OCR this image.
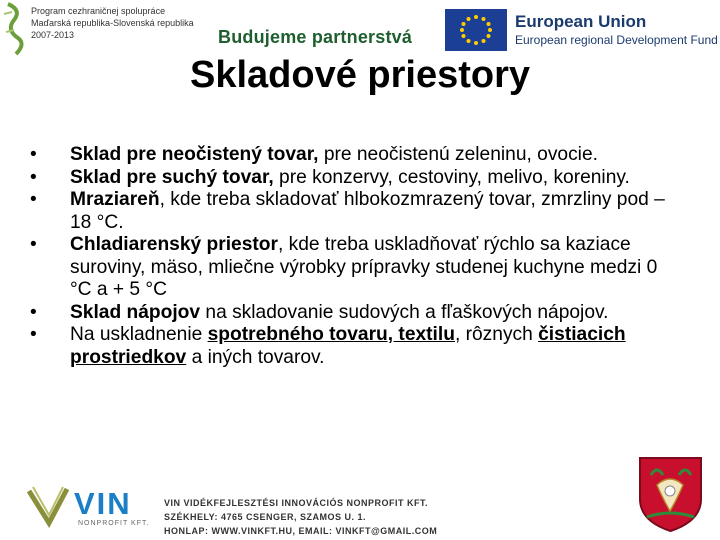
Program cezhraničnej spolupráce
Maďarská republika-Slovenská republika
2007-2013	Budujeme partnerstvá
European Union
European regional Development Fund
Skladové priestory
• Sklad pre neočistený tovar, pre neočistenú zeleninu, ovocie.
• Sklad pre suchý tovar, pre konzervy, cestoviny, melivo, koreniny.
• Mraziareň, kde treba skladovať hlbokozmrazený tovar, zmrzliny pod – 18 °C.
• Chladiarenský priestor, kde treba uskladňovať rýchlo sa kaziace suroviny, mäso, mliečne výrobky prípravky studenej kuchyne medzi 0 °C a + 5 °C
• Sklad nápojov na skladovanie sudových a fľaškových nápojov.
• Na uskladnenie spotrebného tovaru, textilu, rôznych čistiacich prostriedkov a iných tovarov.
VIN
NONPROFIT KFT.
VIN VIDÉKFEJLESZTÉSI INNOVÁCIÓS NONPROFIT KFT.
SZÉKHELY: 4765 CSENGER, SZAMOS U. 1.
HONLAP: WWW.VINKFT.HU, EMAIL: VINKFT@GMAIL.COM
